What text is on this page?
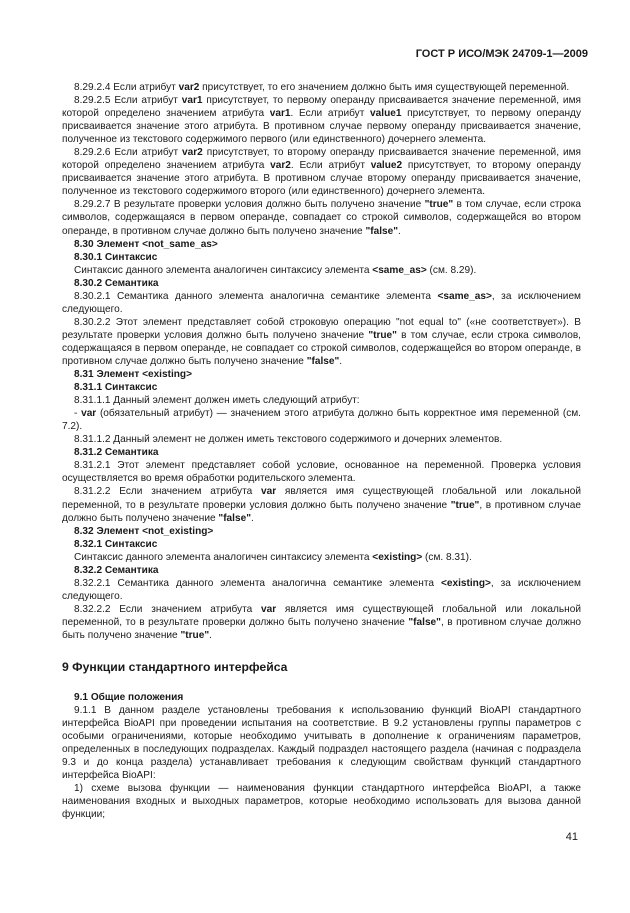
ГОСТ Р ИСО/МЭК 24709-1—2009

8.29.2.4 Если атрибут var2 присутствует, то его значением должно быть имя существующей переменной.

8.29.2.5 Если атрибут var1 присутствует, то первому операнду присваивается значение переменной, имя которой определено значением атрибута var1. Если атрибут value1 присутствует, то первому операнду присваивается значение этого атрибута. В противном случае первому операнду присваивается значение, полученное из текстового содержимого первого (или единственного) дочернего элемента.

8.29.2.6 Если атрибут var2 присутствует, то второму операнду присваивается значение переменной, имя которой определено значением атрибута var2. Если атрибут value2 присутствует, то второму операнду присваивается значение этого атрибута. В противном случае второму операнду присваивается значение, полученное из текстового содержимого второго (или единственного) дочернего элемента.

8.29.2.7 В результате проверки условия должно быть получено значение "true" в том случае, если строка символов, содержащаяся в первом операнде, совпадает со строкой символов, содержащейся во втором операнде, в противном случае должно быть получено значение "false".

8.30 Элемент <not_same_as>

8.30.1 Синтаксис

Синтаксис данного элемента аналогичен синтаксису элемента <same_as> (см. 8.29).

8.30.2 Семантика

8.30.2.1 Семантика данного элемента аналогична семантике элемента <same_as>, за исключением следующего.

8.30.2.2 Этот элемент представляет собой строковую операцию "not equal to" («не соответствует»). В результате проверки условия должно быть получено значение "true" в том случае, если строка символов, содержащаяся в первом операнде, не совпадает со строкой символов, содержащейся во втором операнде, в противном случае должно быть получено значение "false".

8.31 Элемент <existing>

8.31.1 Синтаксис

8.31.1.1 Данный элемент должен иметь следующий атрибут:

- var (обязательный атрибут) — значением этого атрибута должно быть корректное имя переменной (см. 7.2).

8.31.1.2 Данный элемент не должен иметь текстового содержимого и дочерних элементов.

8.31.2 Семантика

8.31.2.1 Этот элемент представляет собой условие, основанное на переменной. Проверка условия осуществляется во время обработки родительского элемента.

8.31.2.2 Если значением атрибута var является имя существующей глобальной или локальной переменной, то в результате проверки условия должно быть получено значение "true", в противном случае должно быть получено значение "false".

8.32 Элемент <not_existing>

8.32.1 Синтаксис

Синтаксис данного элемента аналогичен синтаксису элемента <existing> (см. 8.31).

8.32.2 Семантика

8.32.2.1 Семантика данного элемента аналогична семантике элемента <existing>, за исключением следующего.

8.32.2.2 Если значением атрибута var является имя существующей глобальной или локальной переменной, то в результате проверки должно быть получено значение "false", в противном случае должно быть получено значение "true".

9 Функции стандартного интерфейса

9.1 Общие положения

9.1.1 В данном разделе установлены требования к использованию функций BioAPI стандартного интерфейса BioAPI при проведении испытания на соответствие. В 9.2 установлены группы параметров с особыми ограничениями, которые необходимо учитывать в дополнение к ограничениям параметров, определенных в последующих подразделах. Каждый подраздел настоящего раздела (начиная с подраздела 9.3 и до конца раздела) устанавливает требования к следующим свойствам функций стандартного интерфейса BioAPI:

1) схеме вызова функции — наименования функции стандартного интерфейса BioAPI, а также наименования входных и выходных параметров, которые необходимо использовать для вызова данной функции;

41
